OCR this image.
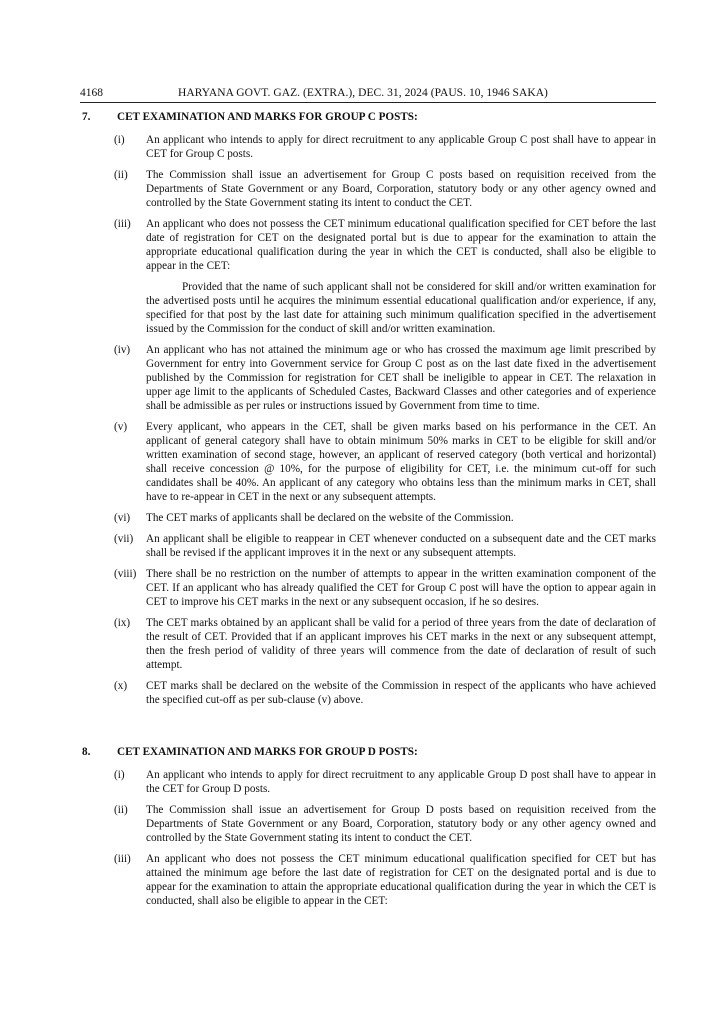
4168	HARYANA GOVT. GAZ. (EXTRA.), DEC. 31, 2024 (PAUS. 10, 1946 SAKA)
7. CET EXAMINATION AND MARKS FOR GROUP C POSTS:
(i) An applicant who intends to apply for direct recruitment to any applicable Group C post shall have to appear in CET for Group C posts.
(ii) The Commission shall issue an advertisement for Group C posts based on requisition received from the Departments of State Government or any Board, Corporation, statutory body or any other agency owned and controlled by the State Government stating its intent to conduct the CET.
(iii) An applicant who does not possess the CET minimum educational qualification specified for CET before the last date of registration for CET on the designated portal but is due to appear for the examination to attain the appropriate educational qualification during the year in which the CET is conducted, shall also be eligible to appear in the CET:
Provided that the name of such applicant shall not be considered for skill and/or written examination for the advertised posts until he acquires the minimum essential educational qualification and/or experience, if any, specified for that post by the last date for attaining such minimum qualification specified in the advertisement issued by the Commission for the conduct of skill and/or written examination.
(iv) An applicant who has not attained the minimum age or who has crossed the maximum age limit prescribed by Government for entry into Government service for Group C post as on the last date fixed in the advertisement published by the Commission for registration for CET shall be ineligible to appear in CET. The relaxation in upper age limit to the applicants of Scheduled Castes, Backward Classes and other categories and of experience shall be admissible as per rules or instructions issued by Government from time to time.
(v) Every applicant, who appears in the CET, shall be given marks based on his performance in the CET. An applicant of general category shall have to obtain minimum 50% marks in CET to be eligible for skill and/or written examination of second stage, however, an applicant of reserved category (both vertical and horizontal) shall receive concession @ 10%, for the purpose of eligibility for CET, i.e. the minimum cut-off for such candidates shall be 40%. An applicant of any category who obtains less than the minimum marks in CET, shall have to re-appear in CET in the next or any subsequent attempts.
(vi) The CET marks of applicants shall be declared on the website of the Commission.
(vii) An applicant shall be eligible to reappear in CET whenever conducted on a subsequent date and the CET marks shall be revised if the applicant improves it in the next or any subsequent attempts.
(viii) There shall be no restriction on the number of attempts to appear in the written examination component of the CET. If an applicant who has already qualified the CET for Group C post will have the option to appear again in CET to improve his CET marks in the next or any subsequent occasion, if he so desires.
(ix) The CET marks obtained by an applicant shall be valid for a period of three years from the date of declaration of the result of CET. Provided that if an applicant improves his CET marks in the next or any subsequent attempt, then the fresh period of validity of three years will commence from the date of declaration of result of such attempt.
(x) CET marks shall be declared on the website of the Commission in respect of the applicants who have achieved the specified cut-off as per sub-clause (v) above.
8. CET EXAMINATION AND MARKS FOR GROUP D POSTS:
(i) An applicant who intends to apply for direct recruitment to any applicable Group D post shall have to appear in the CET for Group D posts.
(ii) The Commission shall issue an advertisement for Group D posts based on requisition received from the Departments of State Government or any Board, Corporation, statutory body or any other agency owned and controlled by the State Government stating its intent to conduct the CET.
(iii) An applicant who does not possess the CET minimum educational qualification specified for CET but has attained the minimum age before the last date of registration for CET on the designated portal and is due to appear for the examination to attain the appropriate educational qualification during the year in which the CET is conducted, shall also be eligible to appear in the CET:
